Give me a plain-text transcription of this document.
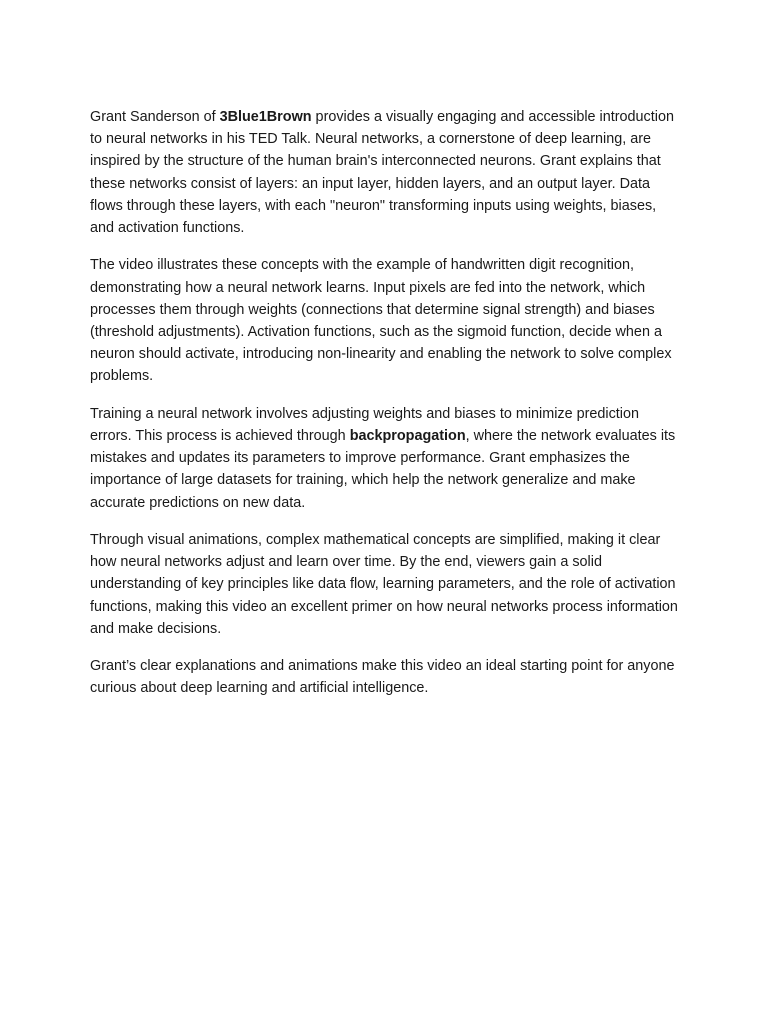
Grant Sanderson of 3Blue1Brown provides a visually engaging and accessible introduction to neural networks in his TED Talk. Neural networks, a cornerstone of deep learning, are inspired by the structure of the human brain's interconnected neurons. Grant explains that these networks consist of layers: an input layer, hidden layers, and an output layer. Data flows through these layers, with each "neuron" transforming inputs using weights, biases, and activation functions.

The video illustrates these concepts with the example of handwritten digit recognition, demonstrating how a neural network learns. Input pixels are fed into the network, which processes them through weights (connections that determine signal strength) and biases (threshold adjustments). Activation functions, such as the sigmoid function, decide when a neuron should activate, introducing non-linearity and enabling the network to solve complex problems.

Training a neural network involves adjusting weights and biases to minimize prediction errors. This process is achieved through backpropagation, where the network evaluates its mistakes and updates its parameters to improve performance. Grant emphasizes the importance of large datasets for training, which help the network generalize and make accurate predictions on new data.

Through visual animations, complex mathematical concepts are simplified, making it clear how neural networks adjust and learn over time. By the end, viewers gain a solid understanding of key principles like data flow, learning parameters, and the role of activation functions, making this video an excellent primer on how neural networks process information and make decisions.

Grant’s clear explanations and animations make this video an ideal starting point for anyone curious about deep learning and artificial intelligence.
